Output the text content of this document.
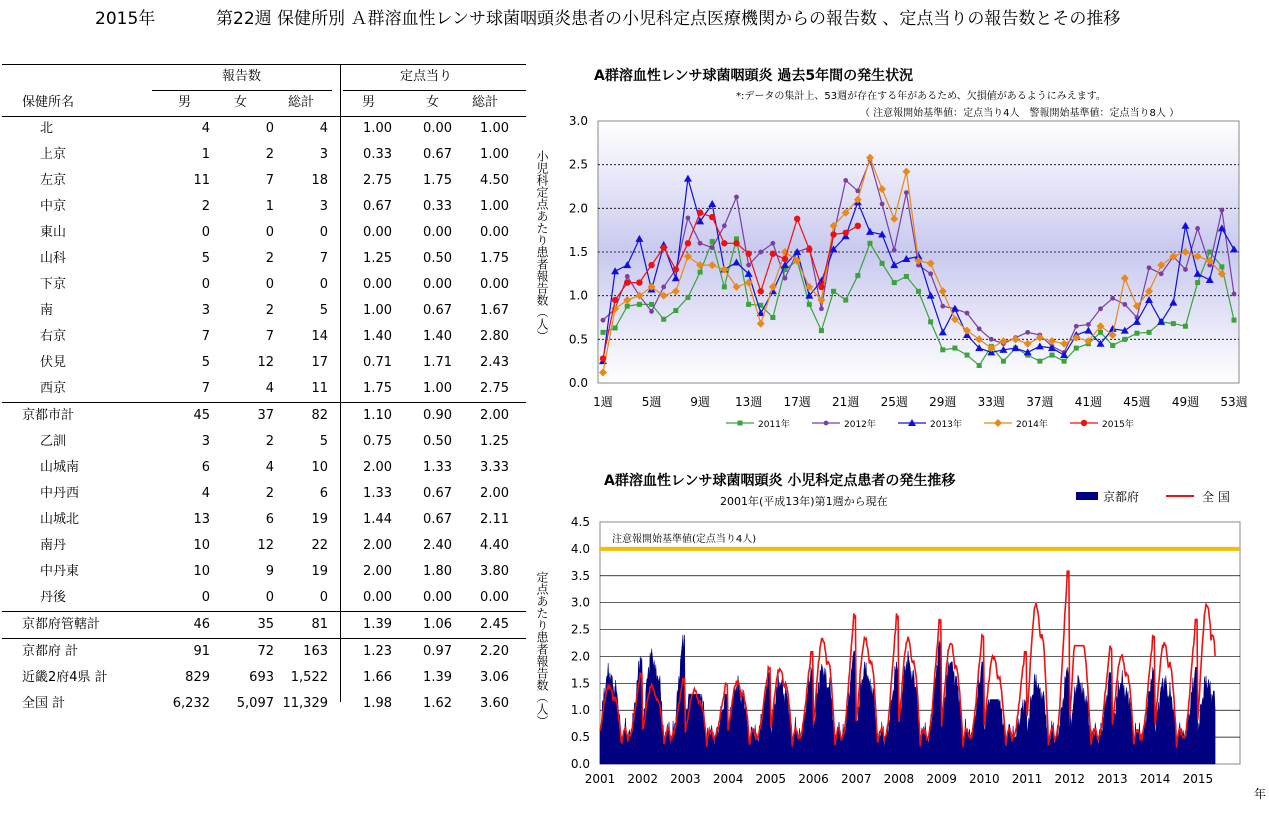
2015年	第22週 保健所別 Ａ群溶血性レンサ球菌咽頭炎患者の小児科定点医療機関からの報告数 、定点当りの報告数とその推移
報告数	定点当り
保健所名	男	女	総計	男	女	総計
北	4	0	4	1.00 0.00 1.00
上京	1	2	3	0.33 0.67 1.00
左京	11	7	18	2.75 1.75 4.50
中京	2	1	3	0.67 0.33 1.00
東山	0	0	0	0.00 0.00 0.00
山科	5	2	7	1.25 0.50 1.75
下京	0	0	0	0.00 0.00 0.00
南	3	2	5	1.00 0.67 1.67
右京	7	7	14	1.40 1.40 2.80
伏見	5	12	17	0.71 1.71 2.43
西京	7	4	11	1.75 1.00 2.75
京都市計	45	37	82	1.10 0.90 2.00
乙訓	3	2	5	0.75 0.50 1.25
山城南	6	4	10	2.00 1.33 3.33
中丹西	4	2	6	1.33 0.67 2.00
山城北	13	6	19	1.44 0.67 2.11
南丹	10	12	22	2.00 2.40 4.40
中丹東	10	9	19	2.00 1.80 3.80
丹後	0	0	0	0.00 0.00 0.00
京都府管轄計	46	35	81	1.39 1.06 2.45
京都府 計	91	72 163	1.23 0.97 2.20
近畿2府4県 計	829	693 1,522	1.66 1.39 3.06
全国 計	6,232 5,097 11,329	1.98 1.62 3.60
A群溶血性レンサ球菌咽頭炎 過去5年間の発生状況
*:データの集計上、53週が存在する年があるため、欠損値があるようにみえます。
（ 注意報開始基準値：定点当り4人　警報開始基準値：定点当り8人 ）
0.0
0.5
1.0
1.5
2.0
2.5
3.0
1週 5週 9週 13週 17週 21週 25週 29週 33週 37週 41週 45週 49週 53週
2011年	2012年	2013年	2014年	2015年
小児科定点あたり患者報告数（人）
A群溶血性レンサ球菌咽頭炎 小児科定点患者の発生推移
2001年(平成13年)第1週から現在
注意報開始基準値(定点当り4人)
0.0
0.5
1.0
1.5
2.0
2.5
3.0
3.5
4.0
4.5
2001 2002 2003 2004 2005 2006 2007 2008 2009 2010 2011 2012 2013 2014 2015
京都府	全 国
定点あたり患者報告数（人）
年
